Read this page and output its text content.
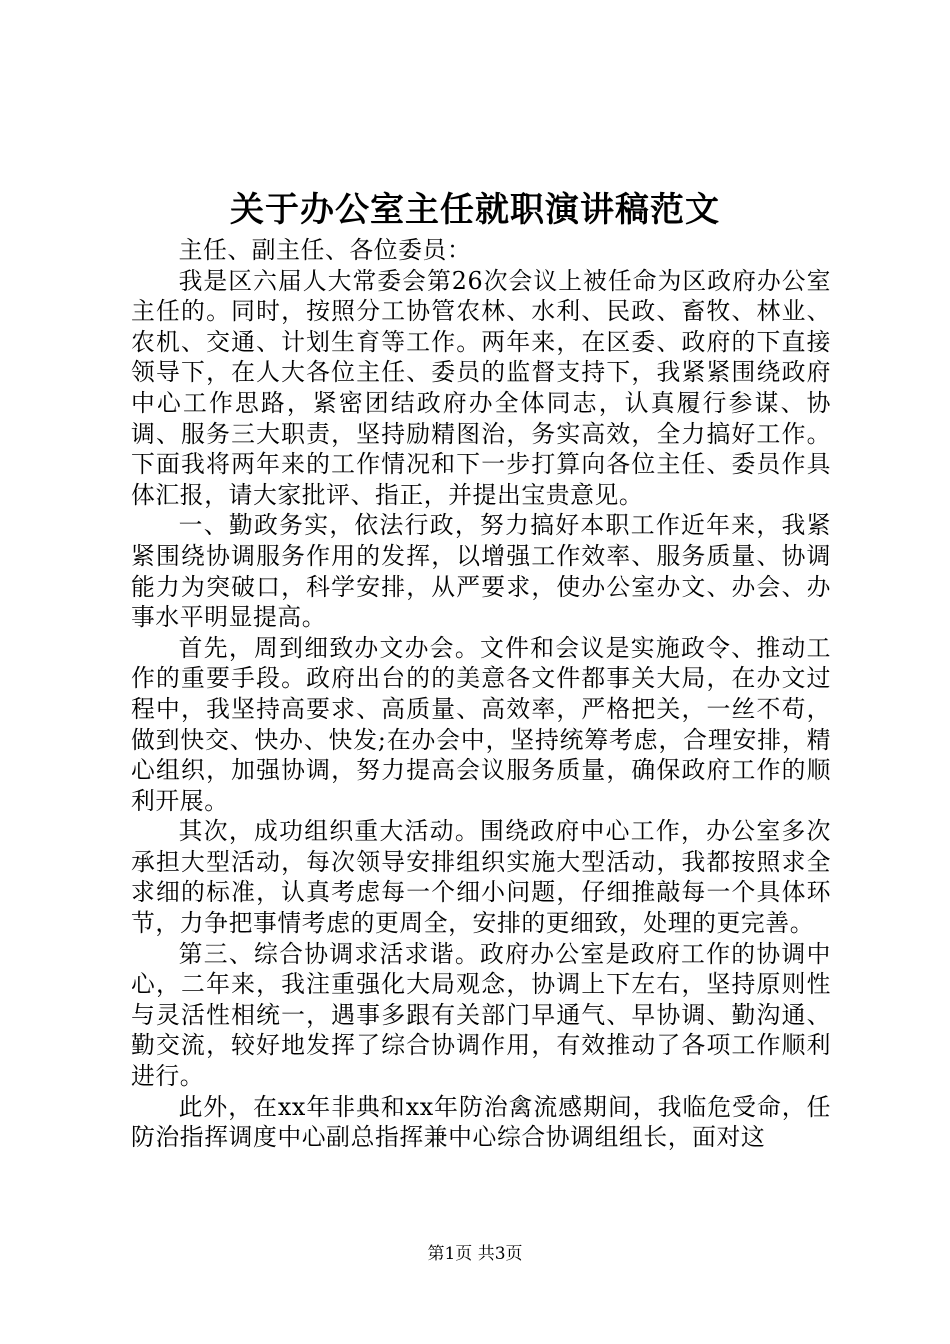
关于办公室主任就职演讲稿范文

主任、副主任、各位委员：

我是区六届人大常委会第26次会议上被任命为区政府办公室主任的。同时，按照分工协管农林、水利、民政、畜牧、林业、农机、交通、计划生育等工作。两年来，在区委、政府的下直接领导下，在人大各位主任、委员的监督支持下，我紧紧围绕政府中心工作思路，紧密团结政府办全体同志，认真履行参谋、协调、服务三大职责，坚持励精图治，务实高效，全力搞好工作。下面我将两年来的工作情况和下一步打算向各位主任、委员作具体汇报，请大家批评、指正，并提出宝贵意见。

一、勤政务实，依法行政，努力搞好本职工作近年来，我紧紧围绕协调服务作用的发挥，以增强工作效率、服务质量、协调能力为突破口，科学安排，从严要求，使办公室办文、办会、办事水平明显提高。

首先，周到细致办文办会。文件和会议是实施政令、推动工作的重要手段。政府出台的的美意各文件都事关大局，在办文过程中，我坚持高要求、高质量、高效率，严格把关，一丝不苟，做到快交、快办、快发;在办会中，坚持统筹考虑，合理安排，精心组织，加强协调，努力提高会议服务质量，确保政府工作的顺利开展。

其次，成功组织重大活动。围绕政府中心工作，办公室多次承担大型活动，每次领导安排组织实施大型活动，我都按照求全求细的标准，认真考虑每一个细小问题，仔细推敲每一个具体环节，力争把事情考虑的更周全，安排的更细致，处理的更完善。

第三、综合协调求活求谐。政府办公室是政府工作的协调中心，二年来，我注重强化大局观念，协调上下左右，坚持原则性与灵活性相统一，遇事多跟有关部门早通气、早协调、勤沟通、勤交流，较好地发挥了综合协调作用，有效推动了各项工作顺利进行。

此外，在xx年非典和xx年防治禽流感期间，我临危受命，任防治指挥调度中心副总指挥兼中心综合协调组组长，面对这

第1页 共3页
